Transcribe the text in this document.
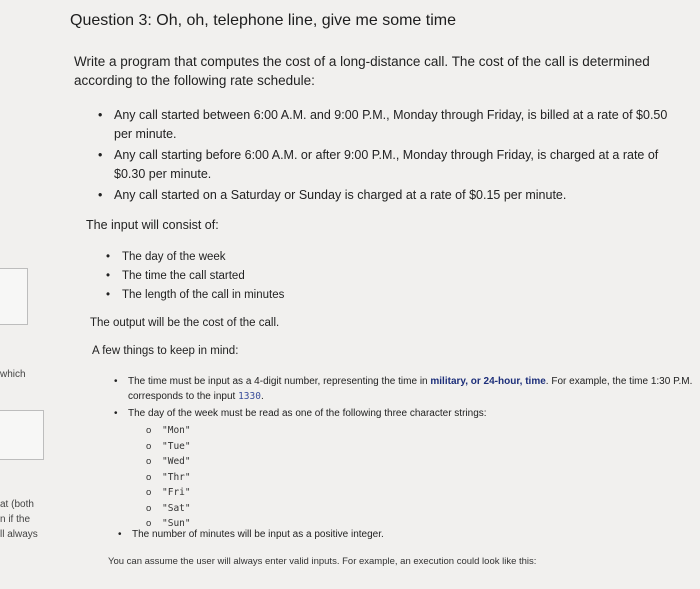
which
at (both
n if the
ll always
Question 3: Oh, oh, telephone line, give me some time
Write a program that computes the cost of a long-distance call. The cost of the call is determined according to the following rate schedule:
• Any call started between 6:00 A.M. and 9:00 P.M., Monday through Friday, is billed at a rate of $0.50 per minute.
• Any call starting before 6:00 A.M. or after 9:00 P.M., Monday through Friday, is charged at a rate of $0.30 per minute.
• Any call started on a Saturday or Sunday is charged at a rate of $0.15 per minute.
The input will consist of:
• The day of the week
• The time the call started
• The length of the call in minutes
The output will be the cost of the call.
A few things to keep in mind:
• The time must be input as a 4-digit number, representing the time in military, or 24-hour, time. For example, the time 1:30 P.M. corresponds to the input 1330.
• The day of the week must be read as one of the following three character strings:
o "Mon"
o "Tue"
o "Wed"
o "Thr"
o "Fri"
o "Sat"
o "Sun"
• The number of minutes will be input as a positive integer.
You can assume the user will always enter valid inputs. For example, an execution could look like this:
